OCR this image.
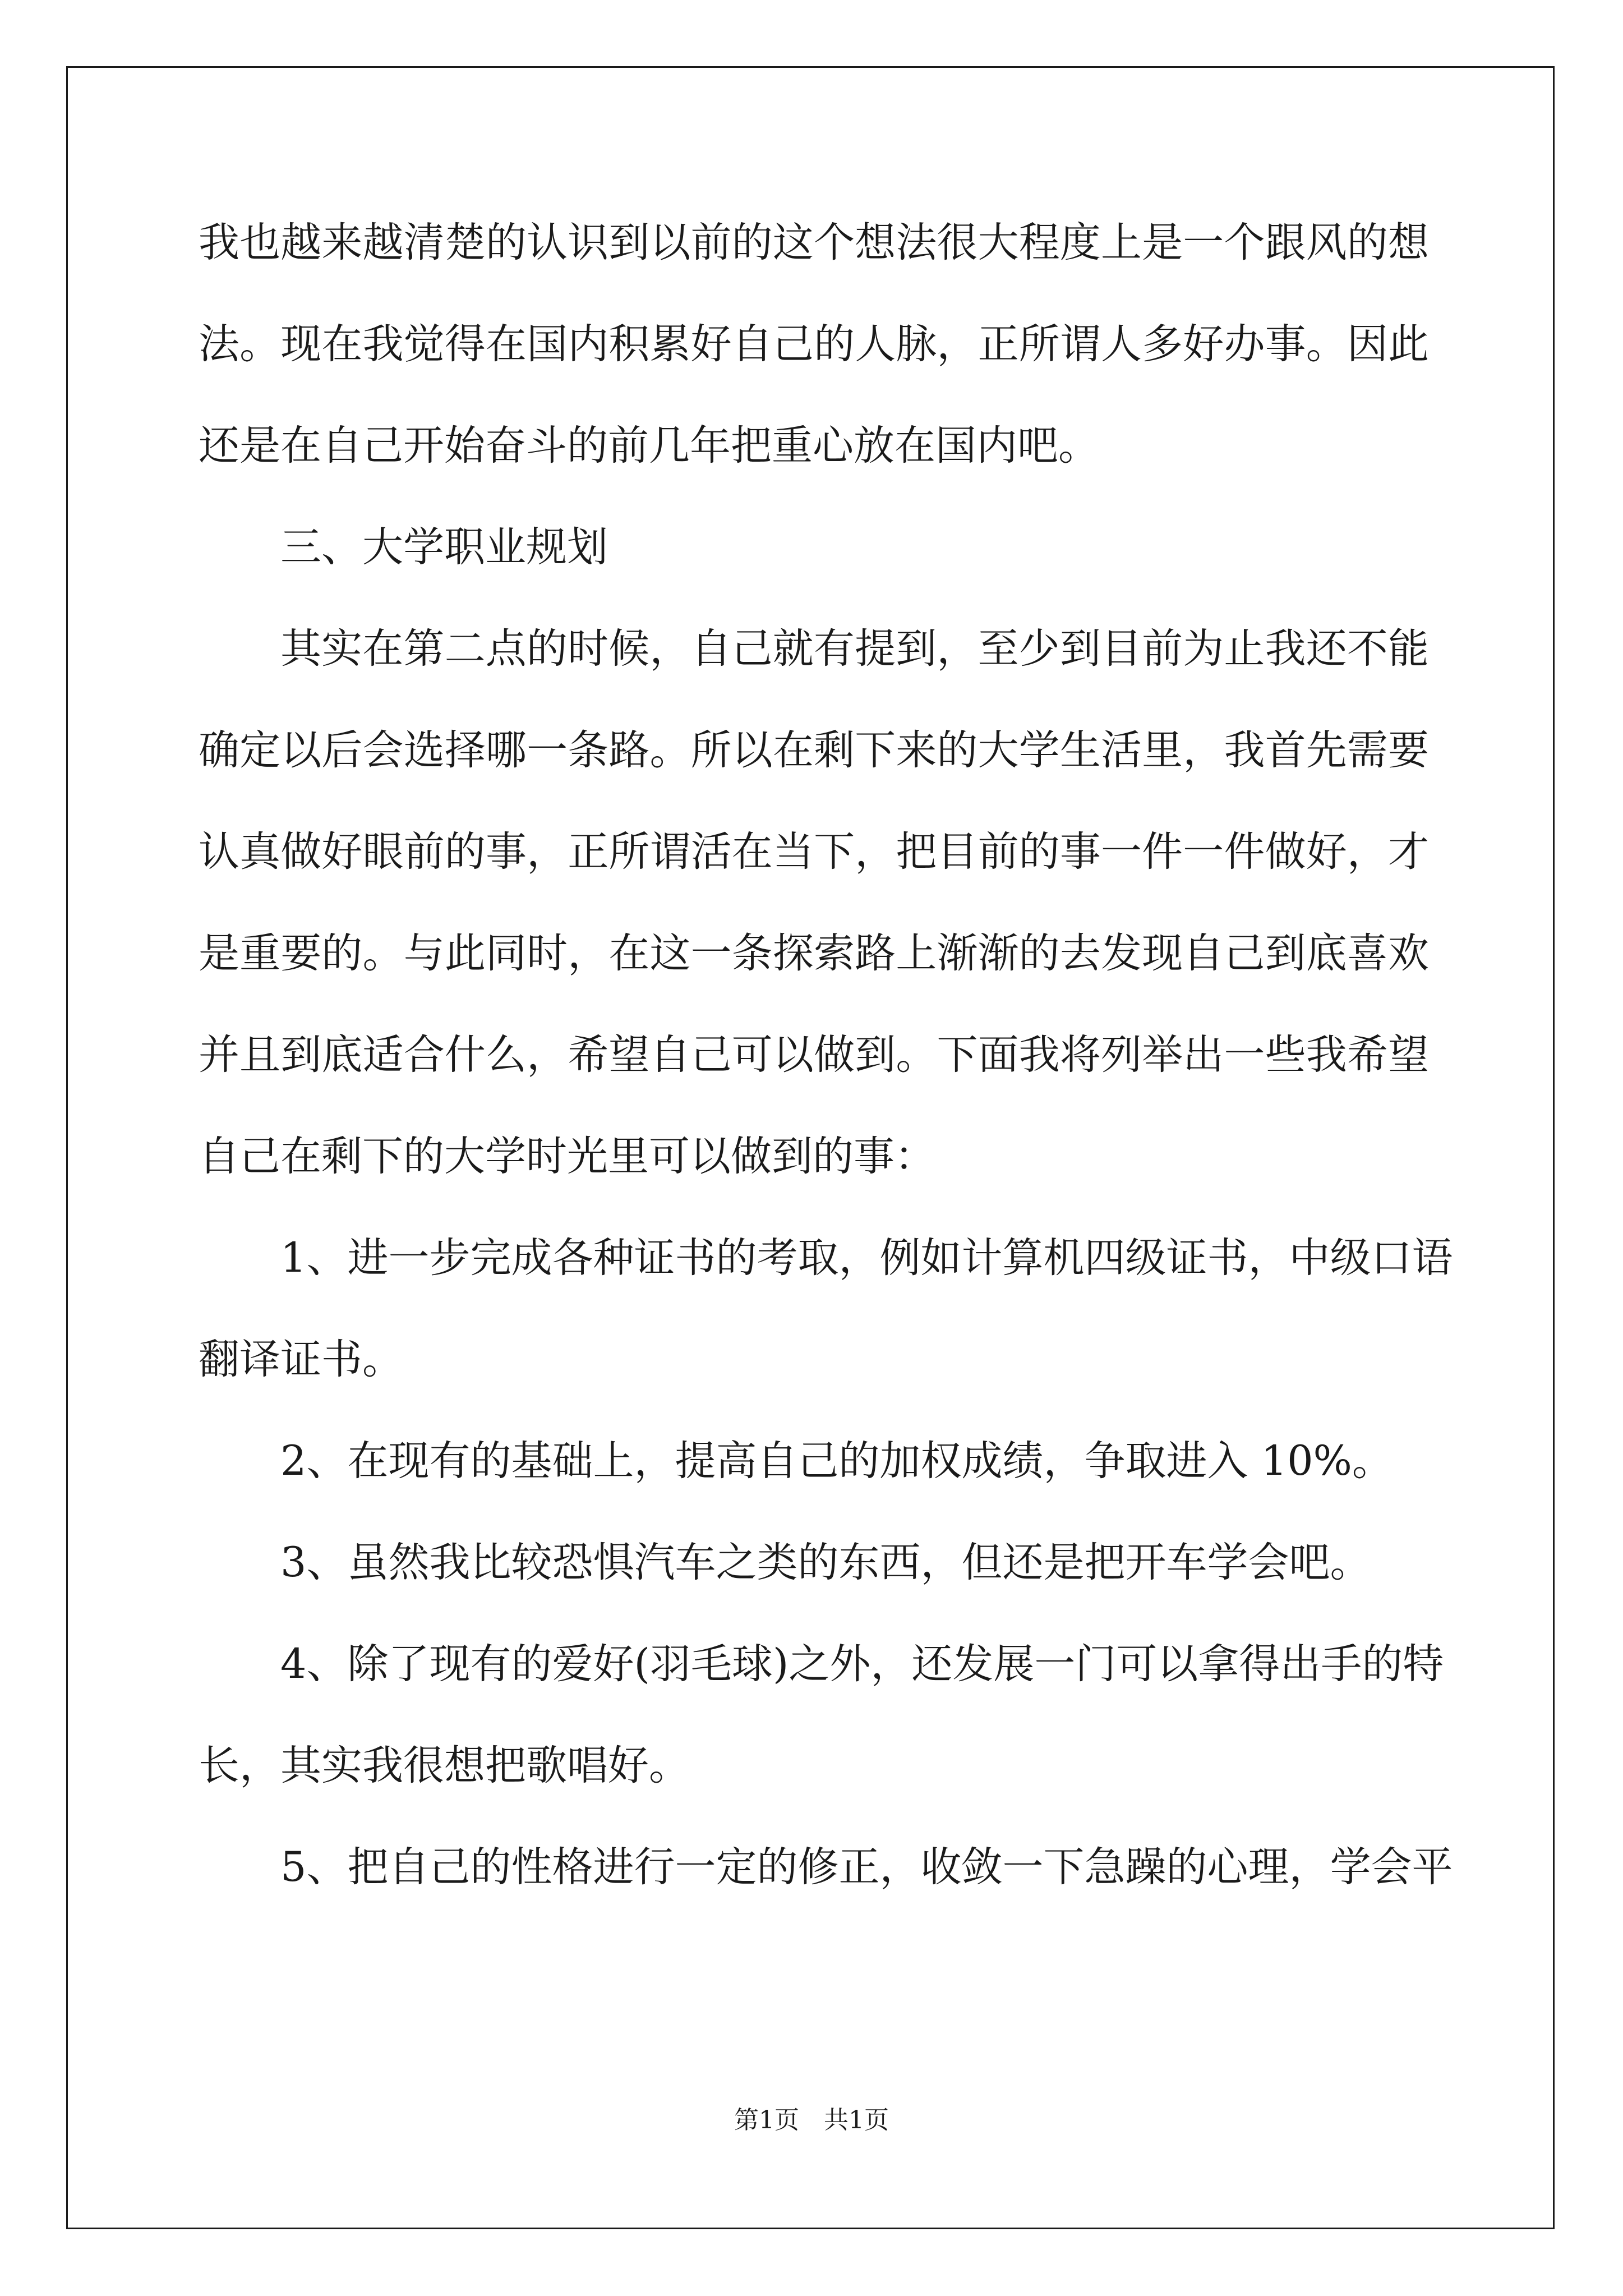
我也越来越清楚的认识到以前的这个想法很大程度上是一个跟风的想
法。现在我觉得在国内积累好自己的人脉，正所谓人多好办事。因此
还是在自己开始奋斗的前几年把重心放在国内吧。
三、大学职业规划
其实在第二点的时候，自己就有提到，至少到目前为止我还不能
确定以后会选择哪一条路。所以在剩下来的大学生活里，我首先需要
认真做好眼前的事，正所谓活在当下，把目前的事一件一件做好，才
是重要的。与此同时，在这一条探索路上渐渐的去发现自己到底喜欢
并且到底适合什么，希望自己可以做到。下面我将列举出一些我希望
自己在剩下的大学时光里可以做到的事：
1、进一步完成各种证书的考取，例如计算机四级证书，中级口语
翻译证书。
2、在现有的基础上，提高自己的加权成绩，争取进入 10%。
3、虽然我比较恐惧汽车之类的东西，但还是把开车学会吧。
4、除了现有的爱好(羽毛球)之外，还发展一门可以拿得出手的特
长，其实我很想把歌唱好。
5、把自己的性格进行一定的修正，收敛一下急躁的心理，学会平
第1页 共1页
